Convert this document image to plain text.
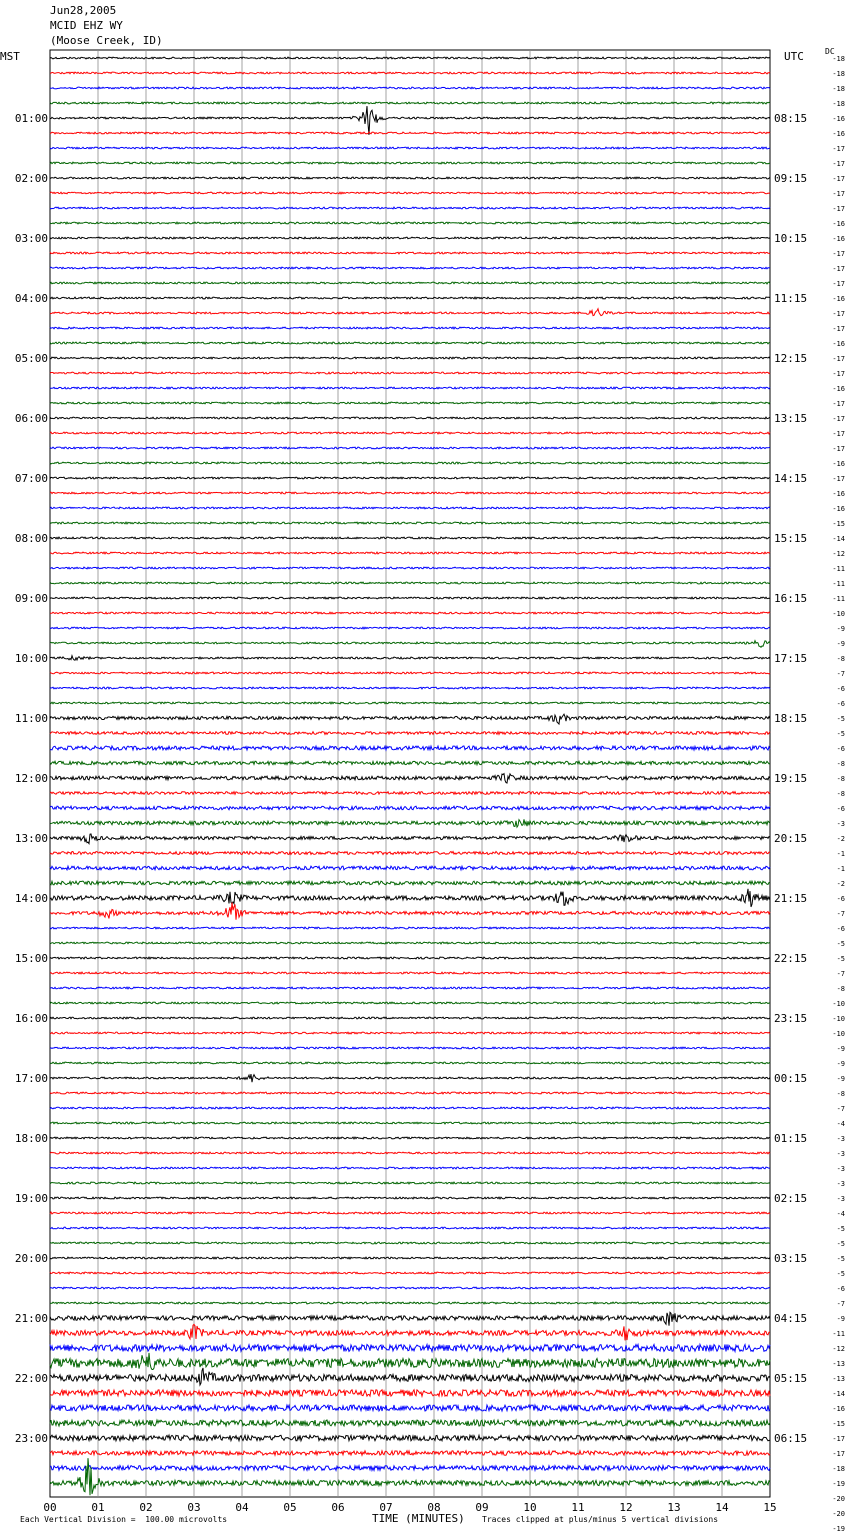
Jun28,2005
MCID EHZ WY
(Moose Creek, ID)
MST	UTC	DC
01:00
02:00
03:00
04:00
05:00
06:00
07:00
08:00
09:00
10:00
11:00
12:00
13:00
14:00
15:00
16:00
17:00
18:00
19:00
20:00
21:00
22:00
23:00
08:15
09:15
10:15
11:15
12:15
13:15
14:15
15:15
16:15
17:15
18:15
19:15
20:15
21:15
22:15
23:15
00:15
01:15
02:15
03:15
04:15
05:15
06:15
-18
-18
-18
-18
-16
-16
-17
-17
-17
-17
-17
-16
-16
-17
-17
-17
-16
-17
-17
-16
-17
-17
-16
-17
-17
-17
-17
-16
-17
-16
-16
-15
-14
-12
-11
-11
-11
-10
-9
-9
-8
-7
-6
-6
-5
-5
-6
-8
-8
-8
-6
-3
-2
-1
-1
-2
-6
-7
-6
-5
-5
-7
-8
-10
-10
-10
-9
-9
-9
-8
-7
-4
-3
-3
-3
-3
-3
-4
-5
-5
-5
-5
-6
-7
-9
-11
-12
-13
-13
-14
-16
-15
-17
-17
-18
-19
-20
-20
-19
00	01	02	03	04	05	06	07	08	09	10	11	12	13	14	15
Each Vertical Division =  100.00 microvolts	TIME (MINUTES) Traces clipped at plus/minus 5 vertical divisions
